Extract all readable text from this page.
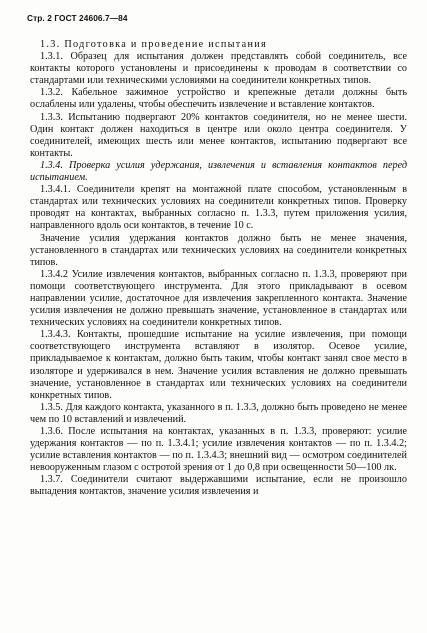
Стр. 2 ГОСТ 24606.7—84

1.3. Подготовка и проведение испытания

1.3.1. Образец для испытания должен представлять собой соединитель, все контакты которого установлены и присоединены к проводам в соответствии со стандартами или техническими условиями на соединители конкретных типов.

1.3.2. Кабельное зажимное устройство и крепежные детали должны быть ослаблены или удалены, чтобы обеспечить извлечение и вставление контактов.

1.3.3. Испытанию подвергают 20% контактов соединителя, но не менее шести. Один контакт должен находиться в центре или около центра соединителя. У соединителей, имеющих шесть или менее контактов, испытанию подвергают все контакты.

1.3.4. Проверка усилия удержания, извлечения и вставления контактов перед испытанием.

1.3.4.1. Соединители крепят на монтажной плате способом, установленным в стандартах или технических условиях на соединители конкретных типов. Проверку проводят на контактах, выбранных согласно п. 1.3.3, путем приложения усилия, направленного вдоль оси контактов, в течение 10 с.

Значение усилия удержания контактов должно быть не менее значения, установленного в стандартах или технических условиях на соединители конкретных типов.

1.3.4.2 Усилие извлечения контактов, выбранных согласно п. 1.3.3, проверяют при помощи соответствующего инструмента. Для этого прикладывают в осевом направлении усилие, достаточное для извлечения закрепленного контакта. Значение усилия извлечения не должно превышать значение, установленное в стандартах или технических условиях на соединители конкретных типов.

1.3.4.3. Контакты, прошедшие испытание на усилие извлечения, при помощи соответствующего инструмента вставляют в изолятор. Осевое усилие, прикладываемое к контактам, должно быть таким, чтобы контакт занял свое место в изоляторе и удерживался в нем. Значение усилия вставления не должно превышать значение, установленное в стандартах или технических условиях на соединители конкретных типов.

1.3.5. Для каждого контакта, указанного в п. 1.3.3, должно быть проведено не менее чем по 10 вставлений и извлечений.

1.3.6. После испытания на контактах, указанных в п. 1.3.3, проверяют: усилие удержания контактов — по п. 1.3.4.1; усилие извлечения контактов — по п. 1.3.4.2; усилие вставления контактов — по п. 1.3.4.3; внешний вид — осмотром соединителей невооруженным глазом с остротой зрения от 1 до 0,8 при освещенности 50—100 лк.

1.3.7. Соединители считают выдержавшими испытание, если не произошло выпадения контактов, значение усилия извлечения и
